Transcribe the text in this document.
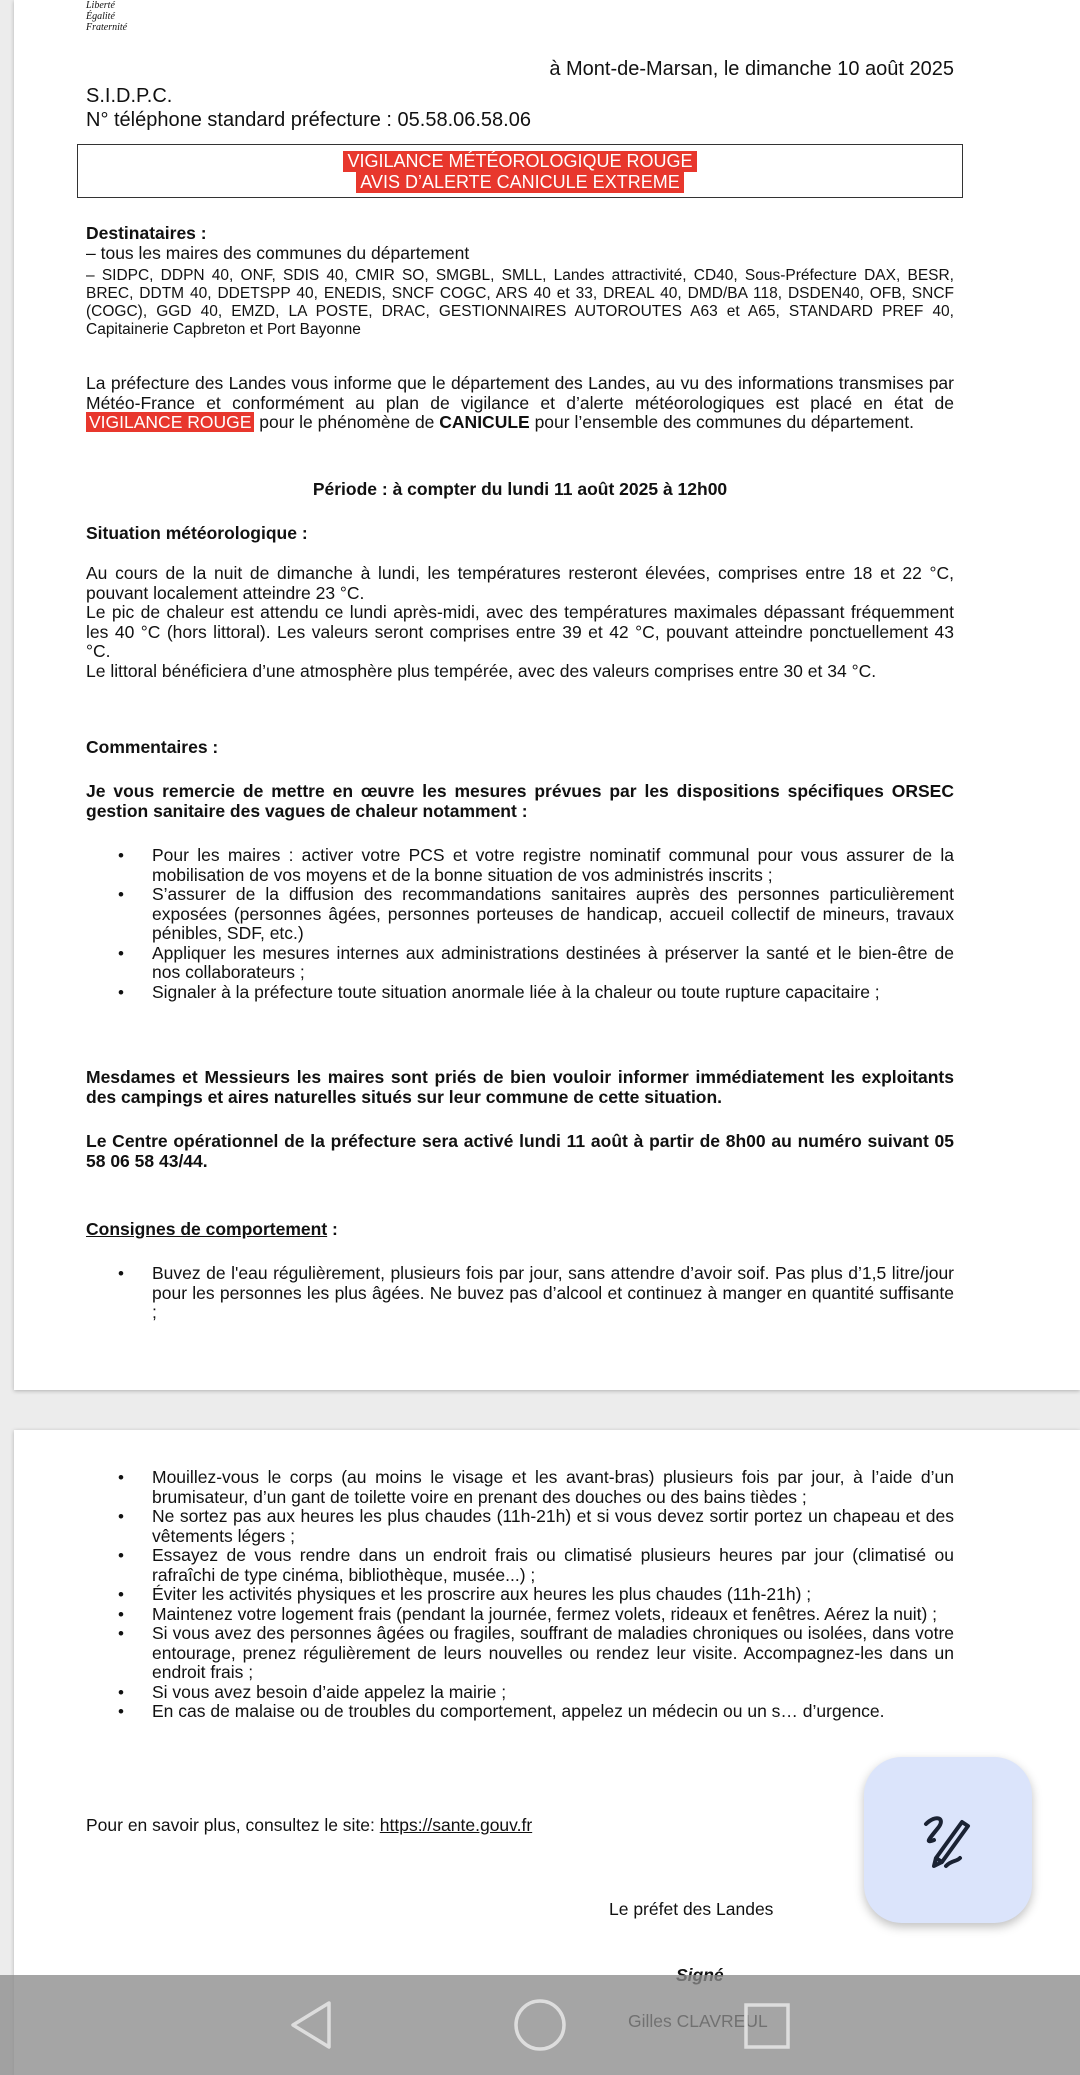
Liberté
Égalité
Fraternité
à Mont-de-Marsan, le dimanche 10 août 2025
S.I.D.P.C.
N° téléphone standard préfecture : 05.58.06.58.06
VIGILANCE MÉTÉOROLOGIQUE ROUGE
AVIS D’ALERTE CANICULE EXTREME
Destinataires :
– tous les maires des communes du département
– SIDPC, DDPN 40, ONF, SDIS 40, CMIR SO, SMGBL, SMLL, Landes attractivité, CD40, Sous-Préfecture DAX, BESR, BREC, DDTM 40, DDETSPP 40, ENEDIS, SNCF COGC, ARS 40 et 33, DREAL 40, DMD/BA 118, DSDEN40, OFB, SNCF (COGC), GGD 40, EMZD, LA POSTE, DRAC, GESTIONNAIRES AUTOROUTES A63 et A65, STANDARD PREF 40, Capitainerie Capbreton et Port Bayonne
La préfecture des Landes vous informe que le département des Landes, au vu des informations transmises par Météo-France et conformément au plan de vigilance et d’alerte météorologiques est placé en état de VIGILANCE ROUGE pour le phénomène de CANICULE pour l’ensemble des communes du département.
Période : à compter du lundi 11 août 2025 à 12h00
Situation météorologique :
Au cours de la nuit de dimanche à lundi, les températures resteront élevées, comprises entre 18 et 22 °C, pouvant localement atteindre 23 °C.
Le pic de chaleur est attendu ce lundi après-midi, avec des températures maximales dépassant fréquemment les 40 °C (hors littoral). Les valeurs seront comprises entre 39 et 42 °C, pouvant atteindre ponctuellement 43 °C.
Le littoral bénéficiera d’une atmosphère plus tempérée, avec des valeurs comprises entre 30 et 34 °C.
Commentaires :
Je vous remercie de mettre en œuvre les mesures prévues par les dispositions spécifiques ORSEC gestion sanitaire des vagues de chaleur notamment :
• Pour les maires : activer votre PCS et votre registre nominatif communal pour vous assurer de la mobilisation de vos moyens et de la bonne situation de vos administrés inscrits ;
• S’assurer de la diffusion des recommandations sanitaires auprès des personnes particulièrement exposées (personnes âgées, personnes porteuses de handicap, accueil collectif de mineurs, travaux pénibles, SDF, etc.)
• Appliquer les mesures internes aux administrations destinées à préserver la santé et le bien-être de nos collaborateurs ;
• Signaler à la préfecture toute situation anormale liée à la chaleur ou toute rupture capacitaire ;
Mesdames et Messieurs les maires sont priés de bien vouloir informer immédiatement les exploitants des campings et aires naturelles situés sur leur commune de cette situation.
Le Centre opérationnel de la préfecture sera activé lundi 11 août à partir de 8h00 au numéro suivant 05 58 06 58 43/44.
Consignes de comportement :
• Buvez de l'eau régulièrement, plusieurs fois par jour, sans attendre d’avoir soif. Pas plus d’1,5 litre/jour pour les personnes les plus âgées. Ne buvez pas d’alcool et continuez à manger en quantité suffisante ;
• Mouillez-vous le corps (au moins le visage et les avant-bras) plusieurs fois par jour, à l’aide d’un brumisateur, d’un gant de toilette voire en prenant des douches ou des bains tièdes ;
• Ne sortez pas aux heures les plus chaudes (11h-21h) et si vous devez sortir portez un chapeau et des vêtements légers ;
• Essayez de vous rendre dans un endroit frais ou climatisé plusieurs heures par jour (climatisé ou rafraîchi de type cinéma, bibliothèque, musée...) ;
• Éviter les activités physiques et les proscrire aux heures les plus chaudes (11h-21h) ;
• Maintenez votre logement frais (pendant la journée, fermez volets, rideaux et fenêtres. Aérez la nuit) ;
• Si vous avez des personnes âgées ou fragiles, souffrant de maladies chroniques ou isolées, dans votre entourage, prenez régulièrement de leurs nouvelles ou rendez leur visite. Accompagnez-les dans un endroit frais ;
• Si vous avez besoin d’aide appelez la mairie ;
• En cas de malaise ou de troubles du comportement, appelez un médecin ou un s… d’urgence.
Pour en savoir plus, consultez le site: https://sante.gouv.fr
Le préfet des Landes
